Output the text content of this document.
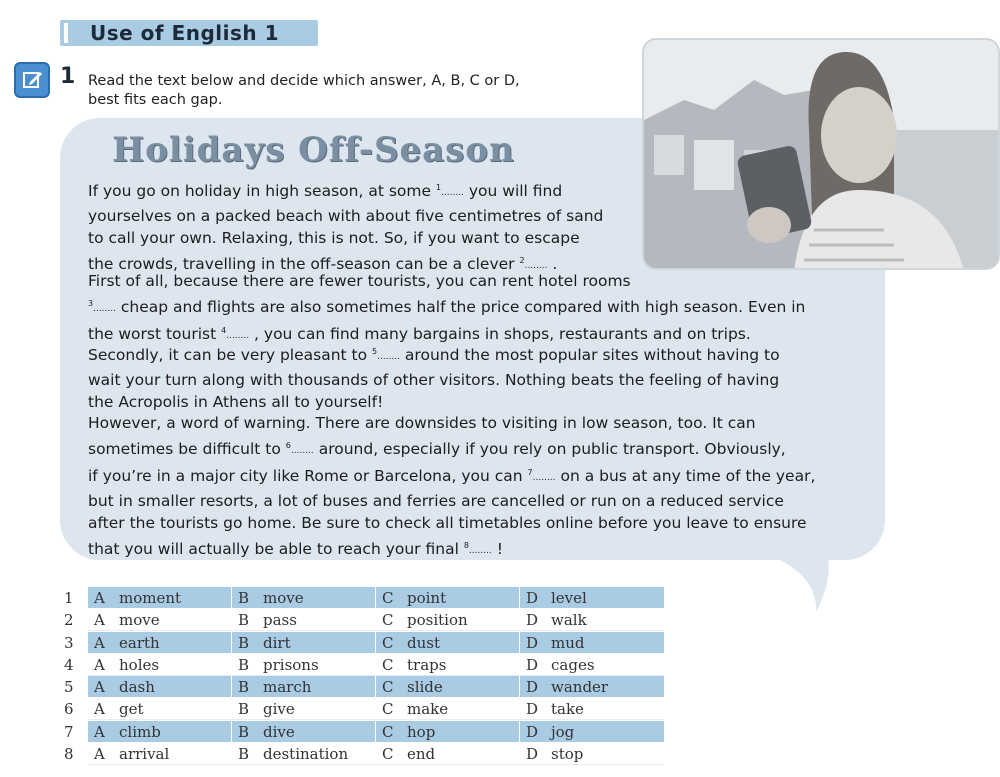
Use of English 1
1 Read the text below and decide which answer, A, B, C or D,
best fits each gap.
Holidays Off-Season
If you go on holiday in high season, at some $^1$........ you will find
yourselves on a packed beach with about five centimetres of sand
to call your own. Relaxing, this is not. So, if you want to escape
the crowds, travelling in the off-season can be a clever $^2$........ .
First of all, because there are fewer tourists, you can rent hotel rooms
$^3$........ cheap and flights are also sometimes half the price compared with high season. Even in
the worst tourist $^4$........ , you can find many bargains in shops, restaurants and on trips.
Secondly, it can be very pleasant to $^5$........ around the most popular sites without having to
wait your turn along with thousands of other visitors. Nothing beats the feeling of having
the Acropolis in Athens all to yourself!
However, a word of warning. There are downsides to visiting in low season, too. It can
sometimes be difficult to $^6$........ around, especially if you rely on public transport. Obviously,
if you’re in a major city like Rome or Barcelona, you can $^7$........ on a bus at any time of the year,
but in smaller resorts, a lot of buses and ferries are cancelled or run on a reduced service
after the tourists go home. Be sure to check all timetables online before you leave to ensure
that you will actually be able to reach your final $^8$........ !
1 A moment	B move	C point	D level
2 A move	B pass	C position	D walk
3 A earth	B dirt	C dust	D mud
4 A holes	B prisons	C traps	D cages
5 A dash	B march	C slide	D wander
6 A get	B give	C make	D take
7 A climb	B dive	C hop	D jog
8 A arrival	B destination C end	D stop
